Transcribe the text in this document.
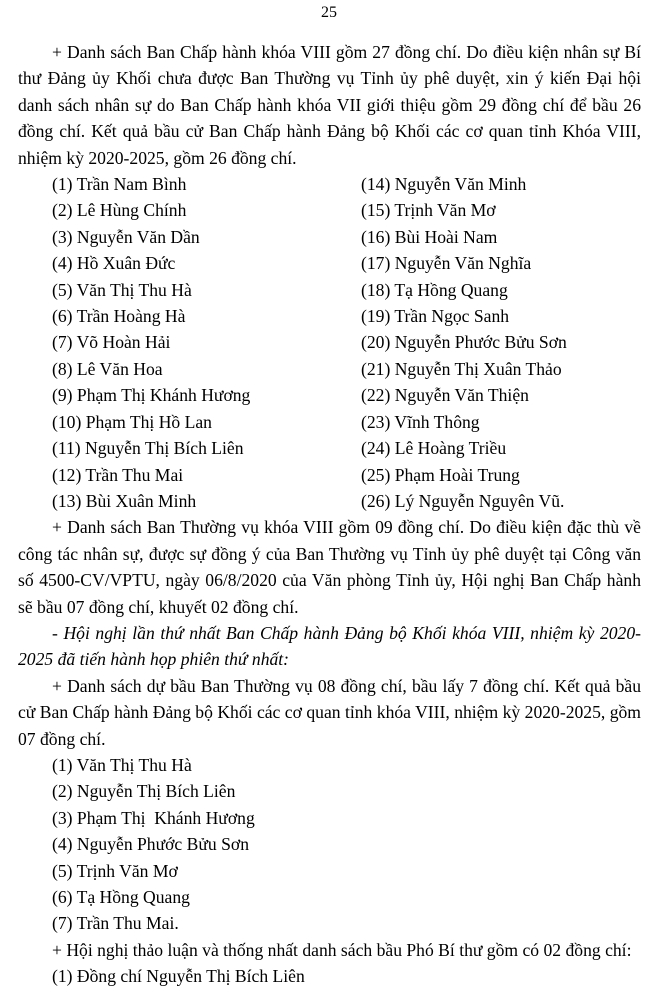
25

+ Danh sách Ban Chấp hành khóa VIII gồm 27 đồng chí. Do điều kiện nhân sự Bí thư Đảng ủy Khối chưa được Ban Thường vụ Tỉnh ủy phê duyệt, xin ý kiến Đại hội danh sách nhân sự do Ban Chấp hành khóa VII giới thiệu gồm 29 đồng chí để bầu 26 đồng chí. Kết quả bầu cử Ban Chấp hành Đảng bộ Khối các cơ quan tỉnh Khóa VIII, nhiệm kỳ 2020-2025, gồm 26 đồng chí.

(1) Trần Nam Bình
(2) Lê Hùng Chính
(3) Nguyễn Văn Dần
(4) Hồ Xuân Đức
(5) Văn Thị Thu Hà
(6) Trần Hoàng Hà
(7) Võ Hoàn Hải
(8) Lê Văn Hoa
(9) Phạm Thị Khánh Hương
(10) Phạm Thị Hồ Lan
(11) Nguyễn Thị Bích Liên
(12) Trần Thu Mai
(13) Bùi Xuân Minh
(14) Nguyễn Văn Minh
(15) Trịnh Văn Mơ
(16) Bùi Hoài Nam
(17) Nguyễn Văn Nghĩa
(18) Tạ Hồng Quang
(19) Trần Ngọc Sanh
(20) Nguyễn Phước Bửu Sơn
(21) Nguyễn Thị Xuân Thảo
(22) Nguyễn Văn Thiện
(23) Vĩnh Thông
(24) Lê Hoàng Triều
(25) Phạm Hoài Trung
(26) Lý Nguyễn Nguyên Vũ.

+ Danh sách Ban Thường vụ khóa VIII gồm 09 đồng chí. Do điều kiện đặc thù về công tác nhân sự, được sự đồng ý của Ban Thường vụ Tỉnh ủy phê duyệt tại Công văn số 4500-CV/VPTU, ngày 06/8/2020 của Văn phòng Tỉnh ủy, Hội nghị Ban Chấp hành sẽ bầu 07 đồng chí, khuyết 02 đồng chí.

- Hội nghị lần thứ nhất Ban Chấp hành Đảng bộ Khối khóa VIII, nhiệm kỳ 2020-2025 đã tiến hành họp phiên thứ nhất:

+ Danh sách dự bầu Ban Thường vụ 08 đồng chí, bầu lấy 7 đồng chí. Kết quả bầu cử Ban Chấp hành Đảng bộ Khối các cơ quan tỉnh khóa VIII, nhiệm kỳ 2020-2025, gồm 07 đồng chí.

(1) Văn Thị Thu Hà
(2) Nguyễn Thị Bích Liên
(3) Phạm Thị  Khánh Hương
(4) Nguyễn Phước Bửu Sơn
(5) Trịnh Văn Mơ
(6) Tạ Hồng Quang
(7) Trần Thu Mai.

+ Hội nghị thảo luận và thống nhất danh sách bầu Phó Bí thư gồm có 02 đồng chí:

(1) Đồng chí Nguyễn Thị Bích Liên
